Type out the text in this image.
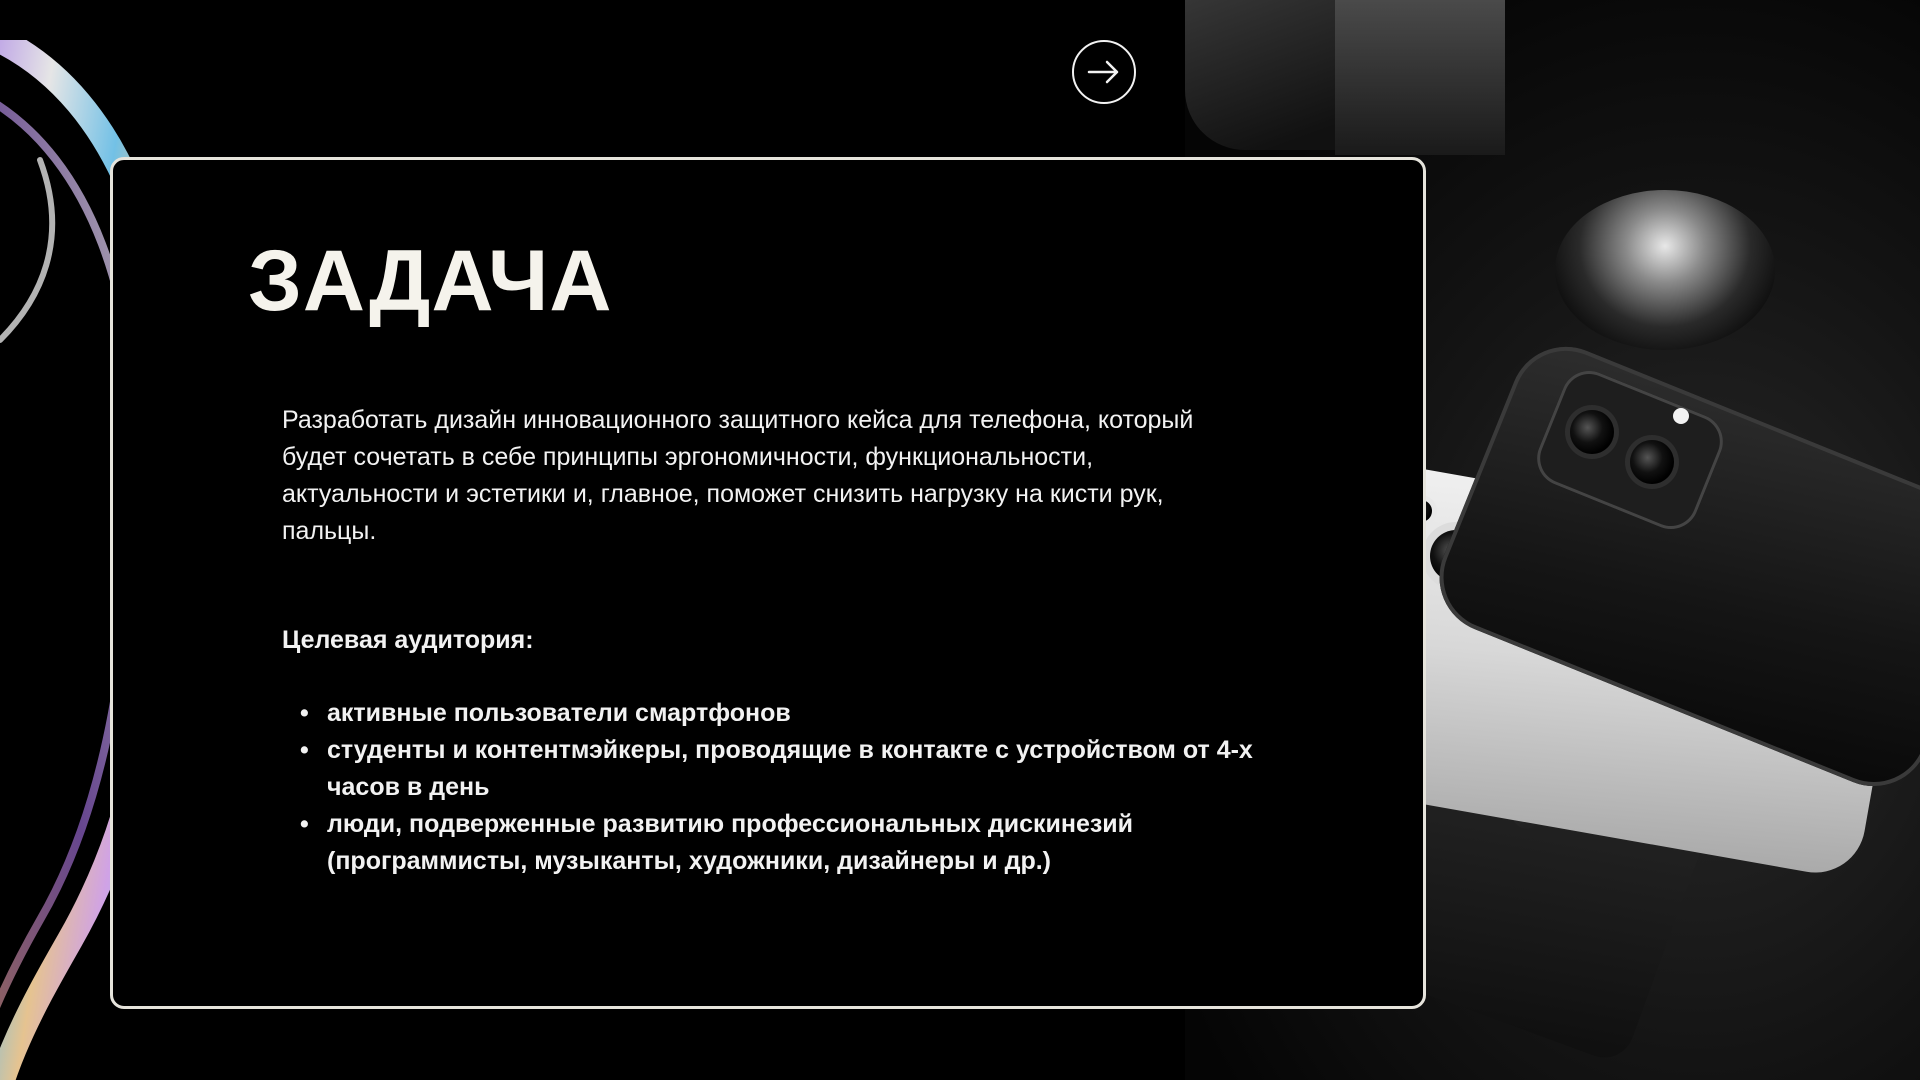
ЗАДАЧА

Разработать дизайн инновационного защитного кейса для телефона, который будет сочетать в себе принципы эргономичности, функциональности, актуальности и эстетики и, главное, поможет снизить нагрузку на кисти рук, пальцы.

Целевая аудитория:

• активные пользователи смартфонов
• студенты и контентмэйкеры, проводящие в контакте с устройством от 4-х часов в день
• люди, подверженные развитию профессиональных дискинезий (программисты, музыканты, художники, дизайнеры и др.)
